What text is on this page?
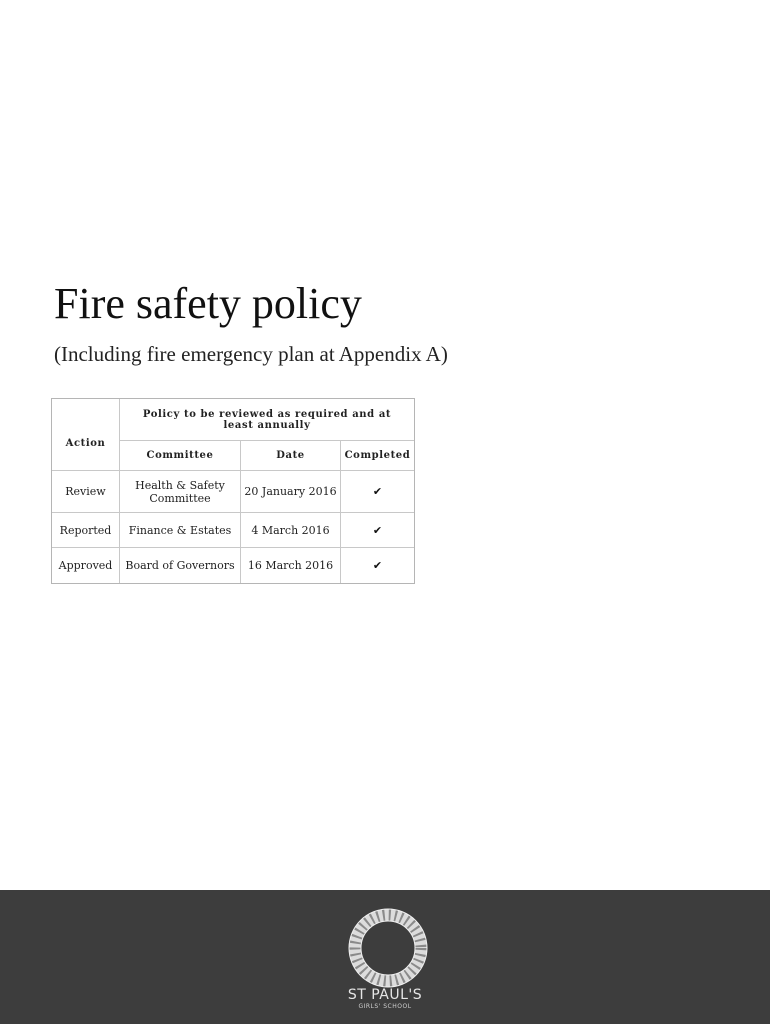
Fire safety policy

(Including fire emergency plan at Appendix A)

Action	Policy to be reviewed as required and at least annually		
	Committee	Date	Completed
Review	Health & Safety Committee	20 January 2016	✔
Reported	Finance & Estates	4 March 2016	✔
Approved	Board of Governors	16 March 2016	✔
ST PAUL'S
GIRLS' SCHOOL
